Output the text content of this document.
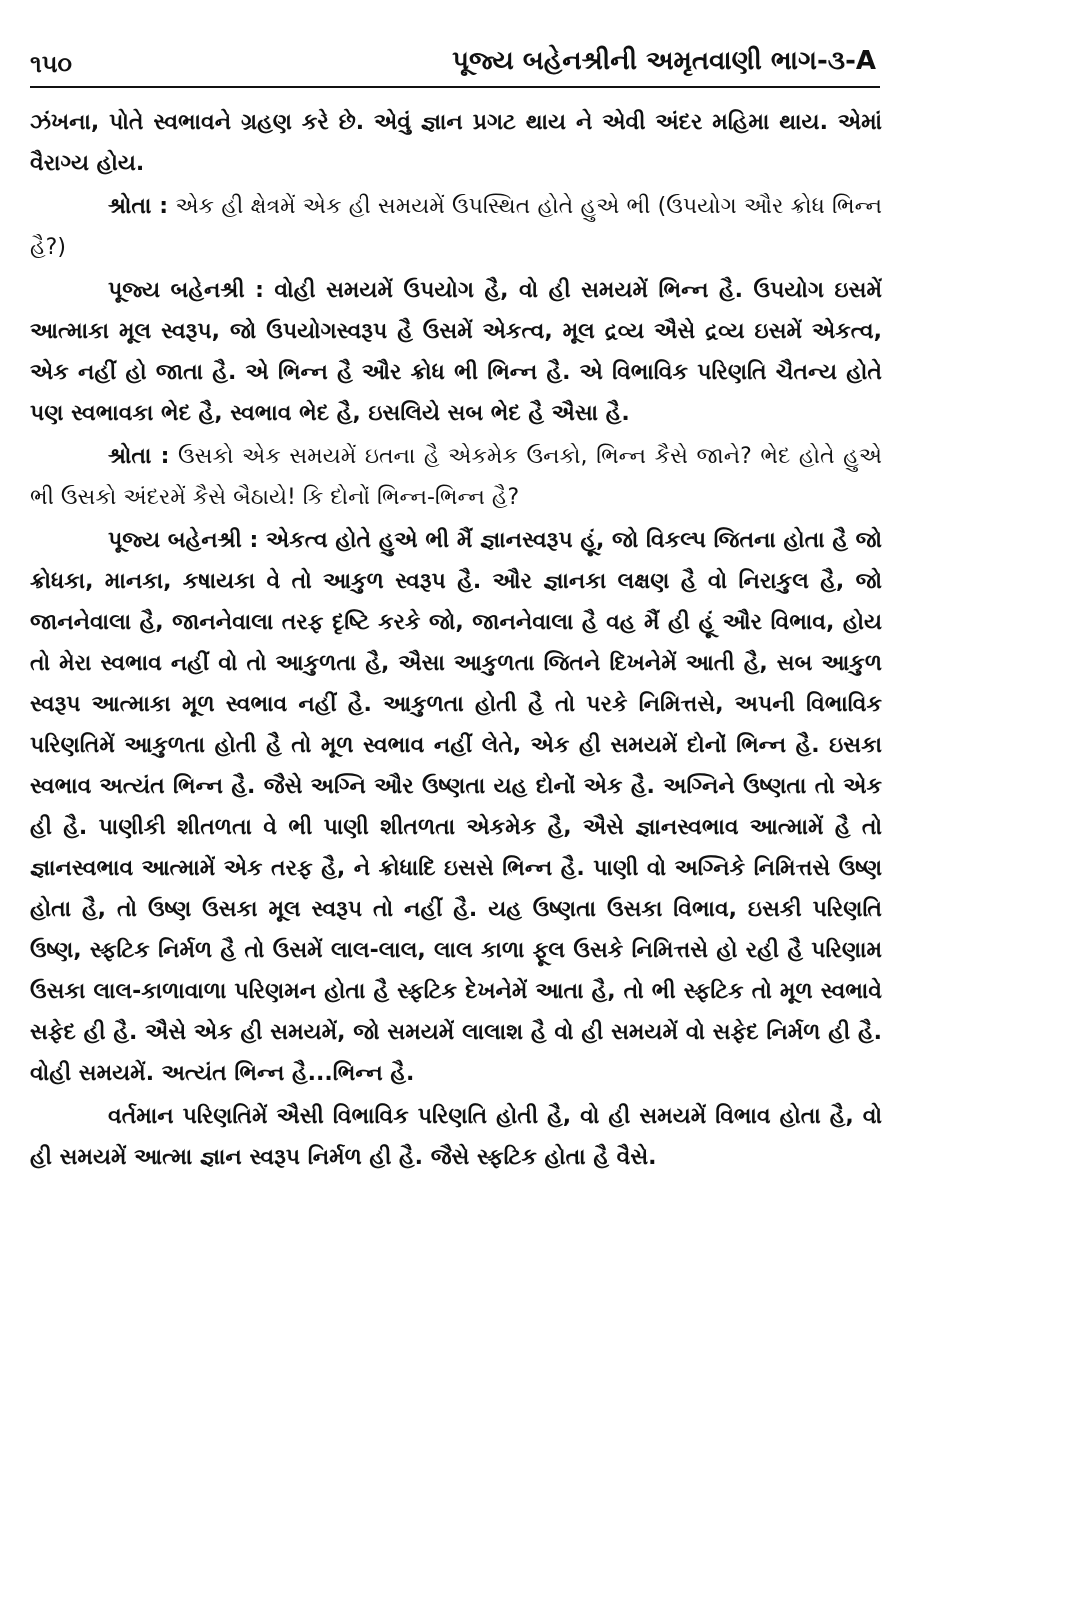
૧૫૦	પૂજ્ય બહેનશ્રીની અમૃતવાણી ભાગ-૩-A

ઝંખના, પોતે સ્વભાવને ગ્રહણ કરે છે. એવું જ્ઞાન પ્રગટ થાય ને એવી અંદર મહિમા થાય. એમાં વૈરાગ્ય હોય.

શ્રોતા : એક હી ક્ષેત્રમેં એક હી સમયમેં ઉપસ્થિત હોતે હુએ ભી (ઉપયોગ ઔર ક્રોધ ભિન્ન હૈ?)

પૂજ્ય બહેનશ્રી : વોહી સમયમેં ઉપયોગ હૈ, વો હી સમયમેં ભિન્ન હૈ. ઉપયોગ ઇસમેં આત્માકા મૂલ સ્વરૂપ, જો ઉપયોગસ્વરૂપ હૈ ઉસમેં એકત્વ, મૂલ દ્રવ્ય ઐસે દ્રવ્ય ઇસમેં એકત્વ, એક નહીં હો જાતા હૈ. એ ભિન્ન હૈ ઔર ક્રોધ ભી ભિન્ન હૈ. એ વિભાવિક પરિણતિ ચૈતન્ય હોતે પણ સ્વભાવકા ભેદ હૈ, સ્વભાવ ભેદ હૈ, ઇસલિયે સબ ભેદ હૈ ઐસા હૈ.

શ્રોતા : ઉસકો એક સમયમેં ઇતના હૈ એકમેક ઉનકો, ભિન્ન કૈસે જાને? ભેદ હોતે હુએ ભી ઉસકો અંદરમેં કૈસે બૈઠાયે! કિ દોનોં ભિન્ન-ભિન્ન હૈ?

પૂજ્ય બહેનશ્રી : એકત્વ હોતે હુએ ભી મૈં જ્ઞાનસ્વરૂપ હૂં, જો વિકલ્પ જિતના હોતા હૈ જો ક્રોધકા, માનકા, કષાયકા વે તો આકુળ સ્વરૂપ હૈ. ઔર જ્ઞાનકા લક્ષણ હૈ વો નિરાકુલ હૈ, જો જાનનેવાલા હૈ, જાનનેવાલા તરફ દૃષ્ટિ કરકે જો, જાનનેવાલા હૈ વહ મૈં હી હૂં ઔર વિભાવ, હોય તો મેરા સ્વભાવ નહીં વો તો આકુળતા હૈ, ઐસા આકુળતા જિતને દિખનેમેં આતી હૈ, સબ આકુળ સ્વરૂપ આત્માકા મૂળ સ્વભાવ નહીં હૈ. આકુળતા હોતી હૈ તો પરકે નિમિત્તસે, અપની વિભાવિક પરિણતિમેં આકુળતા હોતી હૈ તો મૂળ સ્વભાવ નહીં લેતે, એક હી સમયમેં દોનોં ભિન્ન હૈ. ઇસકા સ્વભાવ અત્યંત ભિન્ન હૈ. જૈસે અગ્નિ ઔર ઉષ્ણતા યહ દોનોં એક હૈ. અગ્નિને ઉષ્ણતા તો એક હી હૈ. પાણીકી શીતળતા વે ભી પાણી શીતળતા એકમેક હૈ, ઐસે જ્ઞાનસ્વભાવ આત્મામેં હૈ તો જ્ઞાનસ્વભાવ આત્મામેં એક તરફ હૈ, ને ક્રોધાદિ ઇસસે ભિન્ન હૈ. પાણી વો અગ્નિકે નિમિત્તસે ઉષ્ણ હોતા હૈ, તો ઉષ્ણ ઉસકા મૂલ સ્વરૂપ તો નહીં હૈ. યહ ઉષ્ણતા ઉસકા વિભાવ, ઇસકી પરિણતિ ઉષ્ણ, સ્ફટિક નિર્મળ હૈ તો ઉસમેં લાલ-લાલ, લાલ કાળા ફૂલ ઉસકે નિમિત્તસે હો રહી હૈ પરિણામ ઉસકા લાલ-કાળાવાળા પરિણમન હોતા હૈ સ્ફટિક દેખનેમેં આતા હૈ, તો ભી સ્ફટિક તો મૂળ સ્વભાવે સફેદ હી હૈ. ઐસે એક હી સમયમેં, જો સમયમેં લાલાશ હૈ વો હી સમયમેં વો સફેદ નિર્મળ હી હૈ. વોહી સમયમેં. અત્યંત ભિન્ન હૈ...ભિન્ન હૈ.

વર્તમાન પરિણતિમેં ઐસી વિભાવિક પરિણતિ હોતી હૈ, વો હી સમયમેં વિભાવ હોતા હૈ, વો હી સમયમેં આત્મા જ્ઞાન સ્વરૂપ નિર્મળ હી હૈ. જૈસે સ્ફટિક હોતા હૈ વૈસે.
